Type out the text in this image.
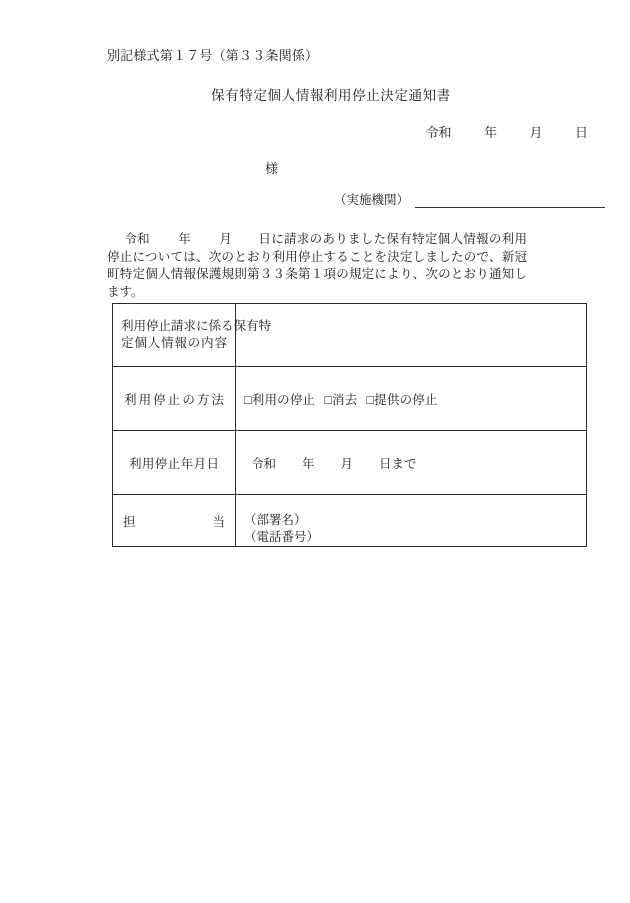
別記様式第１７号（第３３条関係）
保有特定個人情報利用停止決定通知書
令和	年	月	日
様
（実施機関）
令和 年 月 日に請求のありました保有特定個人情報の利用停止については、次のとおり利用停止することを決定しましたので、新冠町特定個人情報保護規則第３３条第１項の規定により、次のとおり通知します。
利用停止請求に係る保有特
定個人情報の内容	

利用停止の方法	□利用の停止 □消去 □提供の停止

利用停止年月日	令和 年 月 日まで

担当	（部署名）
（電話番号）
